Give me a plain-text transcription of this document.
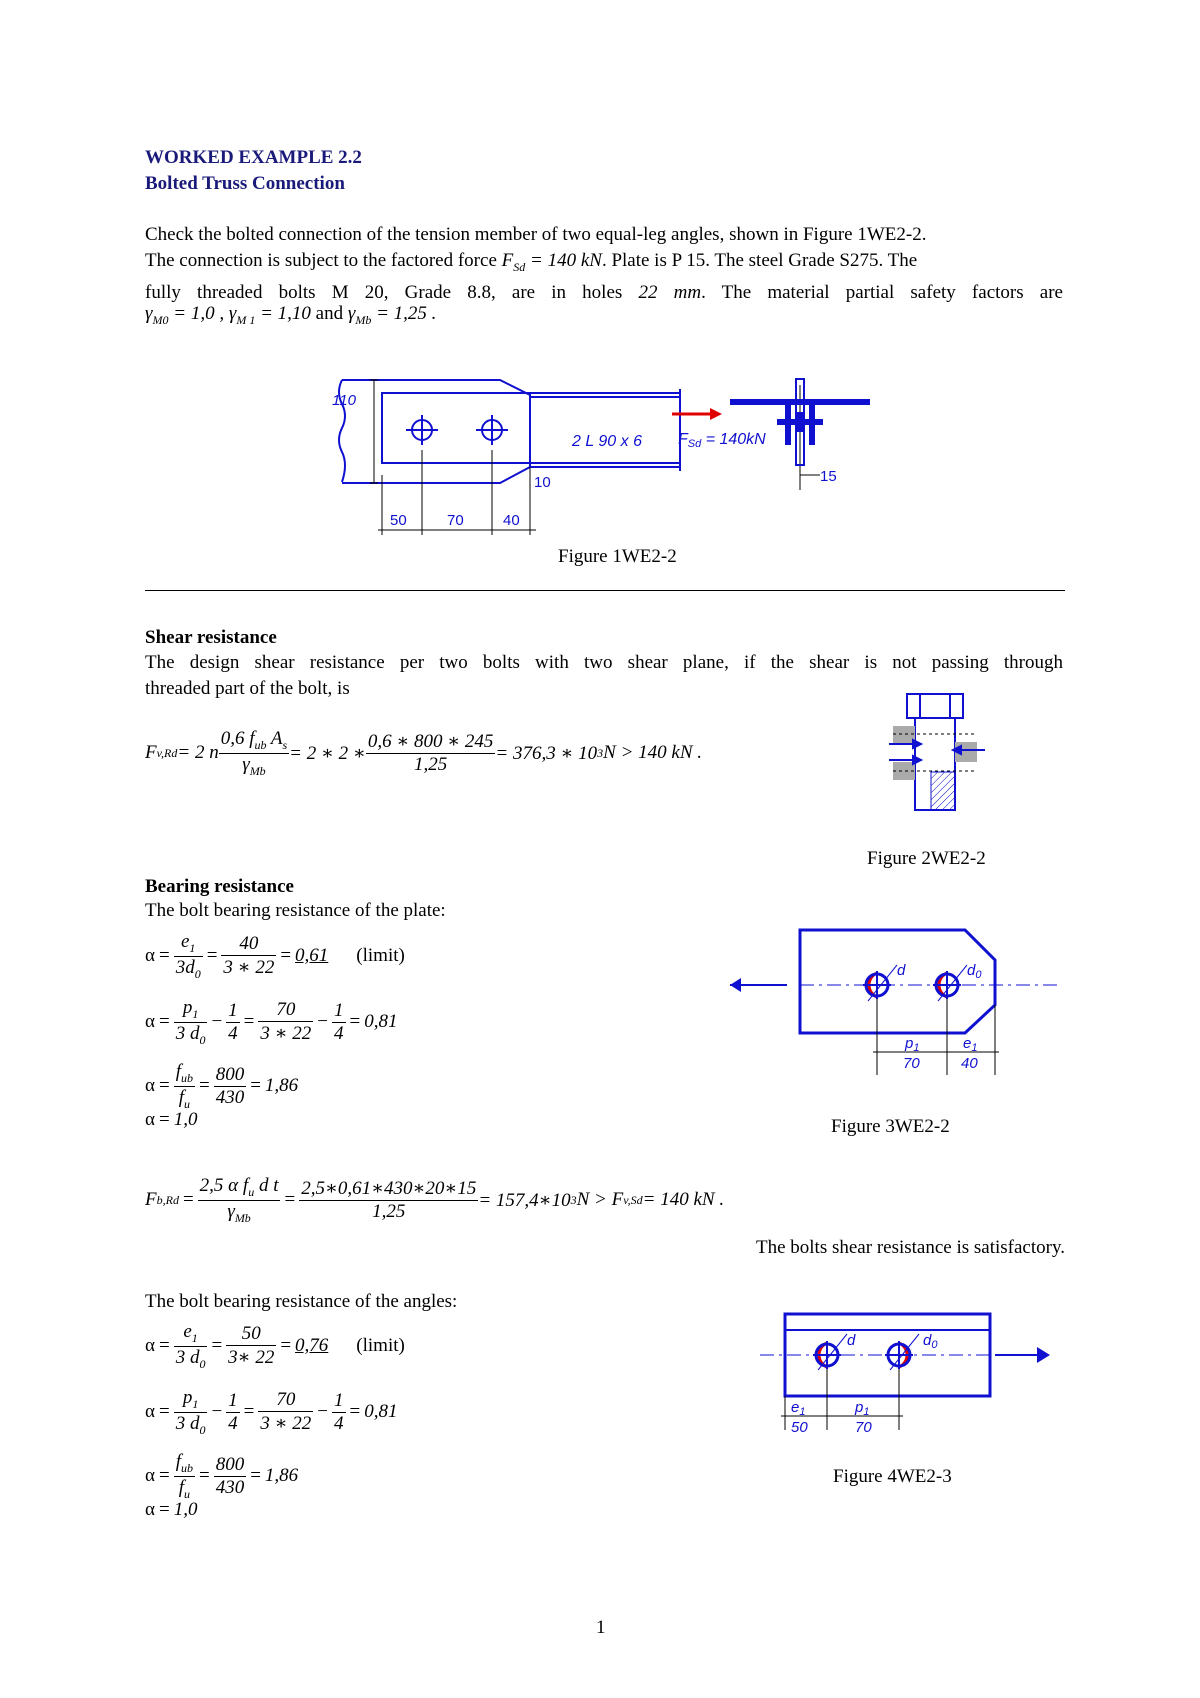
WORKED EXAMPLE 2.2
Bolted Truss Connection
Check the bolted connection of the tension member of two equal-leg angles, shown in Figure 1WE2-2.
The connection is subject to the factored force $F_{Sd} = 140$ kN. Plate is P 15. The steel Grade S275. The
fully threaded bolts M 20, Grade 8.8, are in holes 22 mm. The material partial safety factors are
$\gamma_{M0} = 1,0$ , $\gamma_{M 1} = 1,10$ and $\gamma_{Mb} = 1,25$ .
110
2 L 90 x 6
10
50	70	40
FSd = 140kN
15
Figure 1WE2-2
Shear resistance
The design shear resistance per two bolts with two shear plane, if the shear is not passing through
threaded part of the bolt, is
F v,Rd = 2 n $\frac{0,6 f_{ub} A_s}{\gamma_{Mb}} = 2$ ∗ 2 ∗ $\frac{0,6 ∗ 800 ∗ 245}{1,25} = 376,3$ ∗ 10 3 N > 140 kN .
Figure 2WE2-2
Bearing resistance
The bolt bearing resistance of the plate:
$\alpha = \frac{e_1}{3d_0} = \frac{40}{3 ∗ 22} = 0,61$	(limit)
$\alpha = \frac{p_1}{3 d_0} - \frac{1}{4} = \frac{70}{3 ∗ 22} - \frac{1}{4} = 0,81$
$\alpha = \frac{f_{ub}}{f_u} = \frac{800}{430} = 1,86$
α = 1,0
d	$d_0$
$p_1$	$e_1$
70	40
Figure 3WE2-2
F $b,Rd = \frac{2,5 \alpha f_u d t}{\gamma_{Mb}} = \frac{2,5∗0,61∗430∗20∗15}{1,25}$ = 157,4∗10 3 N > F v,Sd = 140 kN .
The bolts shear resistance is satisfactory.
The bolt bearing resistance of the angles:
$\alpha = \frac{e_1}{3 d_0} = \frac{50}{3∗ 22} = 0,76$	(limit)
$\alpha = \frac{p_1}{3 d_0} - \frac{1}{4} = \frac{70}{3 ∗ 22} - \frac{1}{4} = 0,81$
$\alpha = \frac{f_{ub}}{f_u} = \frac{800}{430} = 1,86$
α = 1,0
d	$d_0$
$e_1$	$p_1$
50	70
Figure 4WE2-3
1
